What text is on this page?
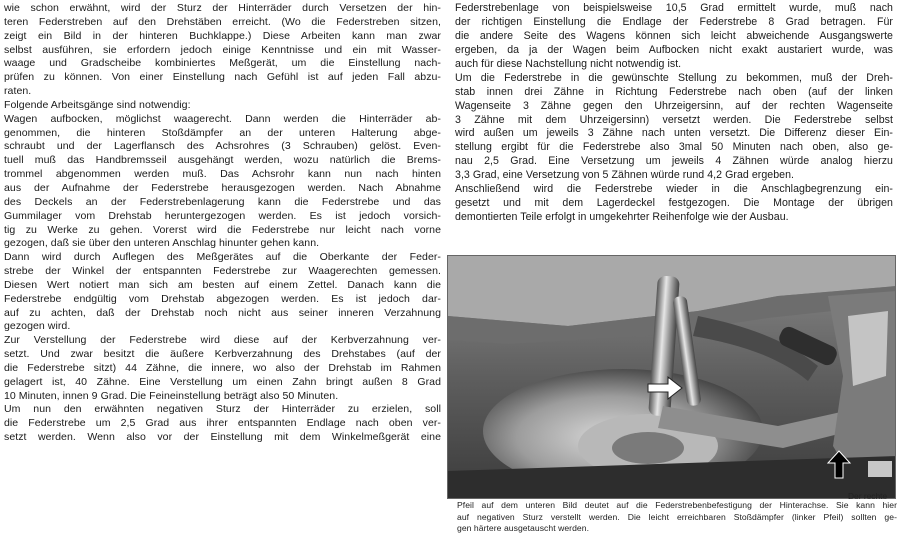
wie schon erwähnt, wird der Sturz der Hinterräder durch Versetzen der hin-
teren Federstreben auf den Drehstäben erreicht. (Wo die Federstreben sitzen,
zeigt ein Bild in der hinteren Buchklappe.) Diese Arbeiten kann man zwar
selbst ausführen, sie erfordern jedoch einige Kenntnisse und ein mit Wasser-
waage und Gradscheibe kombiniertes Meßgerät, um die Einstellung nach-
prüfen zu können. Von einer Einstellung nach Gefühl ist auf jeden Fall abzu-
raten.
Folgende Arbeitsgänge sind notwendig:
Wagen aufbocken, möglichst waagerecht. Dann werden die Hinterräder ab-
genommen, die hinteren Stoßdämpfer an der unteren Halterung abge-
schraubt und der Lagerflansch des Achsrohres (3 Schrauben) gelöst. Even-
tuell muß das Handbremsseil ausgehängt werden, wozu natürlich die Brems-
trommel abgenommen werden muß. Das Achsrohr kann nun nach hinten
aus der Aufnahme der Federstrebe herausgezogen werden. Nach Abnahme
des Deckels an der Federstrebenlagerung kann die Federstrebe und das
Gummilager vom Drehstab heruntergezogen werden. Es ist jedoch vorsich-
tig zu Werke zu gehen. Vorerst wird die Federstrebe nur leicht nach vorne
gezogen, daß sie über den unteren Anschlag hinunter gehen kann.
Dann wird durch Auflegen des Meßgerätes auf die Oberkante der Feder-
strebe der Winkel der entspannten Federstrebe zur Waagerechten gemessen.
Diesen Wert notiert man sich am besten auf einem Zettel. Danach kann die
Federstrebe endgültig vom Drehstab abgezogen werden. Es ist jedoch dar-
auf zu achten, daß der Drehstab noch nicht aus seiner inneren Verzahnung
gezogen wird.
Zur Verstellung der Federstrebe wird diese auf der Kerbverzahnung ver-
setzt. Und zwar besitzt die äußere Kerbverzahnung des Drehstabes (auf der
die Federstrebe sitzt) 44 Zähne, die innere, wo also der Drehstab im Rahmen
gelagert ist, 40 Zähne. Eine Verstellung um einen Zahn bringt außen 8 Grad
10 Minuten, innen 9 Grad. Die Feineinstellung beträgt also 50 Minuten.
Um nun den erwähnten negativen Sturz der Hinterräder zu erzielen, soll
die Federstrebe um 2,5 Grad aus ihrer entspannten Endlage nach oben ver-
setzt werden. Wenn also vor der Einstellung mit dem Winkelmeßgerät eine
Federstrebenlage von beispielsweise 10,5 Grad ermittelt wurde, muß nach
der richtigen Einstellung die Endlage der Federstrebe 8 Grad betragen. Für
die andere Seite des Wagens können sich leicht abweichende Ausgangswerte
ergeben, da ja der Wagen beim Aufbocken nicht exakt austariert wurde, was
auch für diese Nachstellung nicht notwendig ist.
Um die Federstrebe in die gewünschte Stellung zu bekommen, muß der Dreh-
stab innen drei Zähne in Richtung Federstrebe nach oben (auf der linken
Wagenseite 3 Zähne gegen den Uhrzeigersinn, auf der rechten Wagenseite
3 Zähne mit dem Uhrzeigersinn) versetzt werden. Die Federstrebe selbst
wird außen um jeweils 3 Zähne nach unten versetzt. Die Differenz dieser Ein-
stellung ergibt für die Federstrebe also 3mal 50 Minuten nach oben, also ge-
nau 2,5 Grad. Eine Versetzung um jeweils 4 Zähnen würde analog hierzu
3,3 Grad, eine Versetzung von 5 Zähnen würde rund 4,2 Grad ergeben.
Anschließend wird die Federstrebe wieder in die Anschlagbegrenzung ein-
gesetzt und mit dem Lagerdeckel festgezogen. Die Montage der übrigen
demontierten Teile erfolgt in umgekehrter Reihenfolge wie der Ausbau.
Der rechte
Pfeil auf dem unteren Bild deutet auf die Federstrebenbefestigung der Hinterachse. Sie kann hier
auf negativen Sturz verstellt werden. Die leicht erreichbaren Stoßdämpfer (linker Pfeil) sollten ge-
gen härtere ausgetauscht werden.
